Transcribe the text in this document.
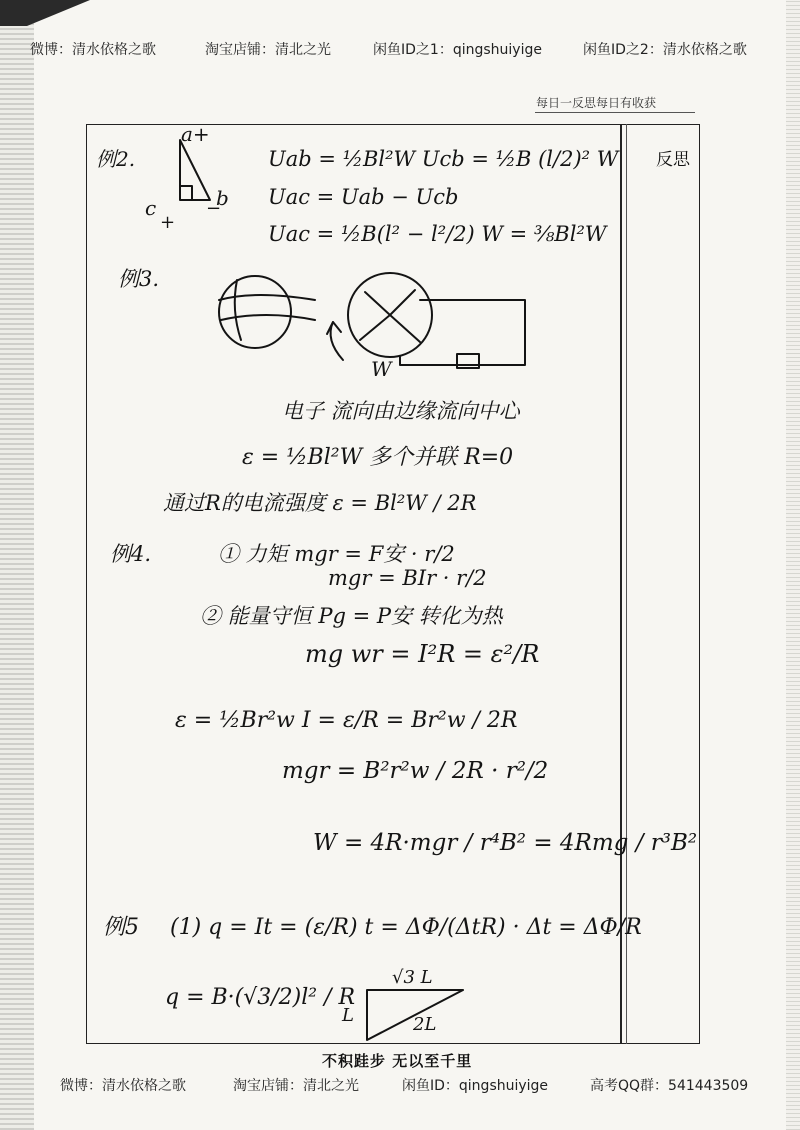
微博：清水依格之歌	淘宝店铺：清北之光	闲鱼ID之1：qingshuiyige	闲鱼ID之2：清水依格之歌
每日一反思每日有收获
反思
例2.
a+
b
−
c
+
Uab = ½Bl²W Ucb = ½B (l/2)² W
Uac = Uab − Ucb
Uac = ½B(l² − l²/2) W = ⅜Bl²W
例3.
W
电子 流向由边缘流向中心
ε = ½Bl²W 多个并联 R=0
通过R的电流强度 ε = Bl²W / 2R
例4.	① 力矩 mgr = F安 · r/2
mgr = BIr · r/2
② 能量守恒 Pg = P安 转化为热
mg wr = I²R = ε²/R
ε = ½Br²w I = ε/R = Br²w / 2R
mgr = B²r²w / 2R · r²/2
W = 4R·mgr / r⁴B² = 4Rmg / r³B²
例5 (1) q = It = (ε/R) t = ΔΦ/(ΔtR) · Δt = ΔΦ/R
q = B·(√3/2)l² / R
√3 L
L	2L
不积跬步 无以至千里
微博：清水依格之歌	淘宝店铺：清北之光	闲鱼ID：qingshuiyige	高考QQ群：541443509
